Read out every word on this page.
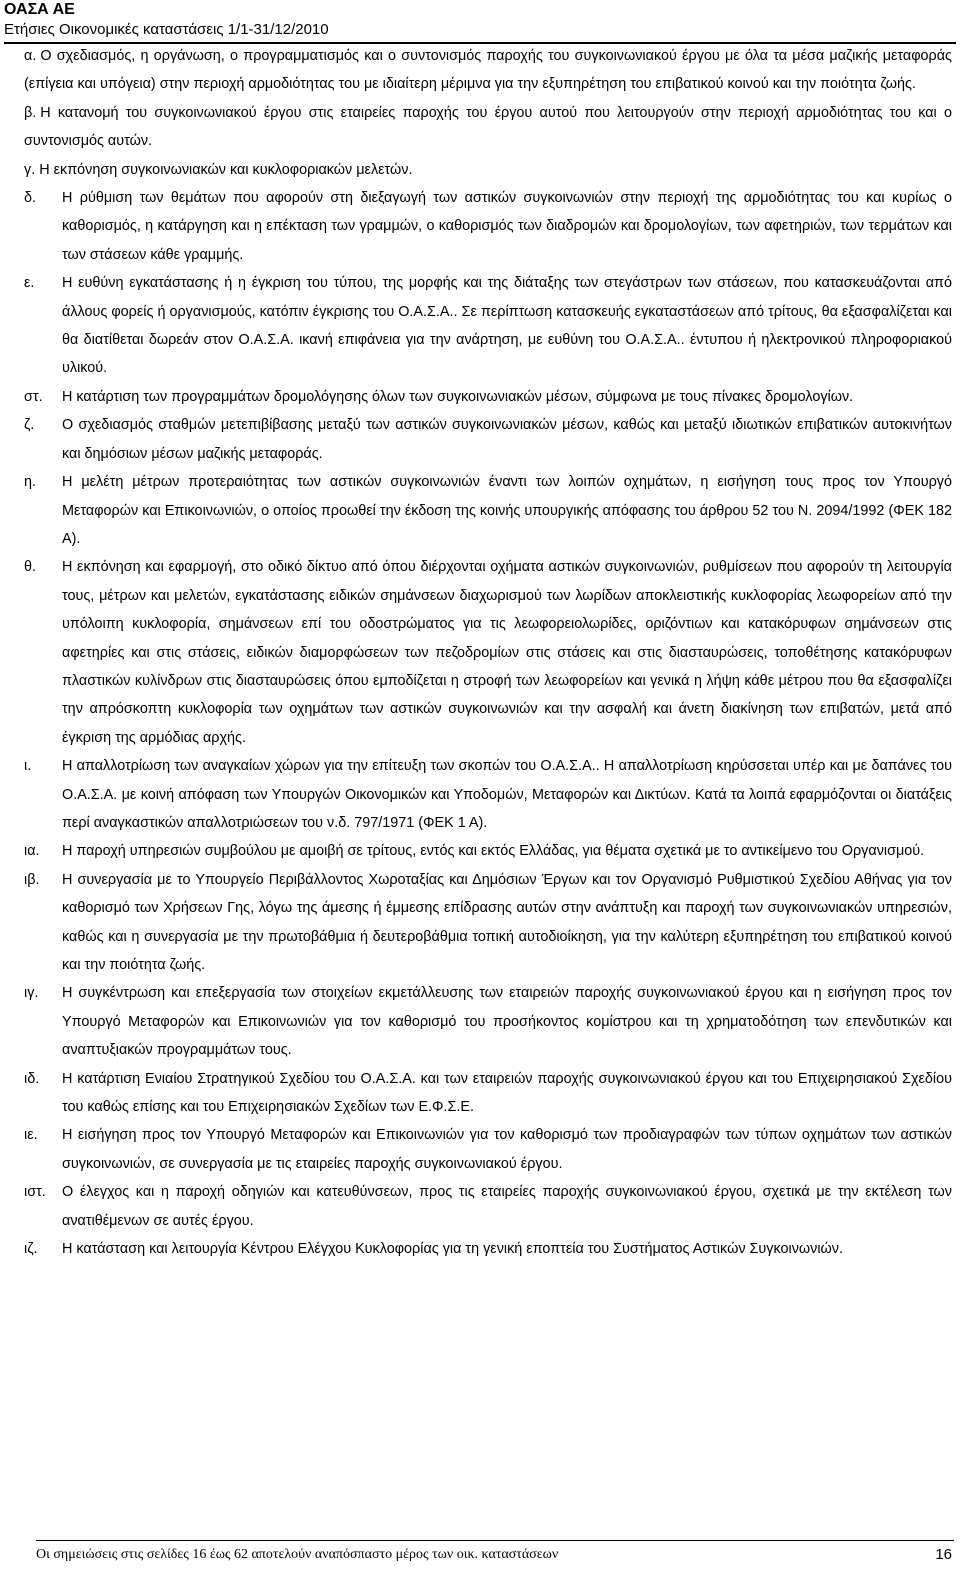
ΟΑΣΑ ΑΕ
Ετήσιες Οικονομικές καταστάσεις 1/1-31/12/2010

α. Ο σχεδιασμός, η οργάνωση, ο προγραμματισμός και ο συντονισμός παροχής του συγκοινωνιακού έργου με όλα τα μέσα μαζικής μεταφοράς (επίγεια και υπόγεια) στην περιοχή αρμοδιότητας του με ιδιαίτερη μέριμνα για την εξυπηρέτηση του επιβατικού κοινού και την ποιότητα ζωής.

β. Η κατανομή του συγκοινωνιακού έργου στις εταιρείες παροχής του έργου αυτού που λειτουργούν στην περιοχή αρμοδιότητας του και ο συντονισμός αυτών.

γ. Η εκπόνηση συγκοινωνιακών και κυκλοφοριακών μελετών.

δ. Η ρύθμιση των θεμάτων που αφορούν στη διεξαγωγή των αστικών συγκοινωνιών στην περιοχή της αρμοδιότητας του και κυρίως ο καθορισμός, η κατάργηση και η επέκταση των γραμμών, ο καθορισμός των διαδρομών και δρομολογίων, των αφετηριών, των τερμάτων και των στάσεων κάθε γραμμής.

ε. Η ευθύνη εγκατάστασης ή η έγκριση του τύπου, της μορφής και της διάταξης των στεγάστρων των στάσεων, που κατασκευάζονται από άλλους φορείς ή οργανισμούς, κατόπιν έγκρισης του Ο.Α.Σ.Α.. Σε περίπτωση κατασκευής εγκαταστάσεων από τρίτους, θα εξασφαλίζεται και θα διατίθεται δωρεάν στον Ο.Α.Σ.Α. ικανή επιφάνεια για την ανάρτηση, με ευθύνη του Ο.Α.Σ.Α.. έντυπου ή ηλεκτρονικού πληροφοριακού υλικού.

στ. Η κατάρτιση των προγραμμάτων δρομολόγησης όλων των συγκοινωνιακών μέσων, σύμφωνα με τους πίνακες δρομολογίων.

ζ. Ο σχεδιασμός σταθμών μετεπιβίβασης μεταξύ των αστικών συγκοινωνιακών μέσων, καθώς και μεταξύ ιδιωτικών επιβατικών αυτοκινήτων και δημόσιων μέσων μαζικής μεταφοράς.

η. Η μελέτη μέτρων προτεραιότητας των αστικών συγκοινωνιών έναντι των λοιπών οχημάτων, η εισήγηση τους προς τον Υπουργό Μεταφορών και Επικοινωνιών, ο οποίος προωθεί την έκδοση της κοινής υπουργικής απόφασης του άρθρου 52 του Ν. 2094/1992 (ΦΕΚ 182 Α).

θ. Η εκπόνηση και εφαρμογή, στο οδικό δίκτυο από όπου διέρχονται οχήματα αστικών συγκοινωνιών, ρυθμίσεων που αφορούν τη λειτουργία τους, μέτρων και μελετών, εγκατάστασης ειδικών σημάνσεων διαχωρισμού των λωρίδων αποκλειστικής κυκλοφορίας λεωφορείων από την υπόλοιπη κυκλοφορία, σημάνσεων επί του οδοστρώματος για τις λεωφορειολωρίδες, οριζόντιων και κατακόρυφων σημάνσεων στις αφετηρίες και στις στάσεις, ειδικών διαμορφώσεων των πεζοδρομίων στις στάσεις και στις διασταυρώσεις, τοποθέτησης κατακόρυφων πλαστικών κυλίνδρων στις διασταυρώσεις όπου εμποδίζεται η στροφή των λεωφορείων και γενικά η λήψη κάθε μέτρου που θα εξασφαλίζει την απρόσκοπτη κυκλοφορία των οχημάτων των αστικών συγκοινωνιών και την ασφαλή και άνετη διακίνηση των επιβατών, μετά από έγκριση της αρμόδιας αρχής.

ι. Η απαλλοτρίωση των αναγκαίων χώρων για την επίτευξη των σκοπών του Ο.Α.Σ.Α.. Η απαλλοτρίωση κηρύσσεται υπέρ και με δαπάνες του Ο.Α.Σ.Α. με κοινή απόφαση των Υπουργών Οικονομικών και Υποδομών, Μεταφορών και Δικτύων. Κατά τα λοιπά εφαρμόζονται οι διατάξεις περί αναγκαστικών απαλλοτριώσεων του ν.δ. 797/1971 (ΦΕΚ 1 Α).

ια. Η παροχή υπηρεσιών συμβούλου με αμοιβή σε τρίτους, εντός και εκτός Ελλάδας, για θέματα σχετικά με το αντικείμενο του Οργανισμού.

ιβ. Η συνεργασία με το Υπουργείο Περιβάλλοντος Χωροταξίας και Δημόσιων Έργων και τον Οργανισμό Ρυθμιστικού Σχεδίου Αθήνας για τον καθορισμό των Χρήσεων Γης, λόγω της άμεσης ή έμμεσης επίδρασης αυτών στην ανάπτυξη και παροχή των συγκοινωνιακών υπηρεσιών, καθώς και η συνεργασία με την πρωτοβάθμια ή δευτεροβάθμια τοπική αυτοδιοίκηση, για την καλύτερη εξυπηρέτηση του επιβατικού κοινού και την ποιότητα ζωής.

ιγ. Η συγκέντρωση και επεξεργασία των στοιχείων εκμετάλλευσης των εταιρειών παροχής συγκοινωνιακού έργου και η εισήγηση προς τον Υπουργό Μεταφορών και Επικοινωνιών για τον καθορισμό του προσήκοντος κομίστρου και τη χρηματοδότηση των επενδυτικών και αναπτυξιακών προγραμμάτων τους.

ιδ. Η κατάρτιση Ενιαίου Στρατηγικού Σχεδίου του Ο.Α.Σ.Α. και των εταιρειών παροχής συγκοινωνιακού έργου και του Επιχειρησιακού Σχεδίου του καθώς επίσης και του Επιχειρησιακών Σχεδίων των Ε.Φ.Σ.Ε.

ιε. Η εισήγηση προς τον Υπουργό Μεταφορών και Επικοινωνιών για τον καθορισμό των προδιαγραφών των τύπων οχημάτων των αστικών συγκοινωνιών, σε συνεργασία με τις εταιρείες παροχής συγκοινωνιακού έργου.

ιστ. Ο έλεγχος και η παροχή οδηγιών και κατευθύνσεων, προς τις εταιρείες παροχής συγκοινωνιακού έργου, σχετικά με την εκτέλεση των ανατιθέμενων σε αυτές έργου.

ιζ. Η κατάσταση και λειτουργία Κέντρου Ελέγχου Κυκλοφορίας για τη γενική εποπτεία του Συστήματος Αστικών Συγκοινωνιών.

Οι σημειώσεις στις σελίδες 16 έως 62 αποτελούν αναπόσπαστο μέρος των οικ. καταστάσεων	16
